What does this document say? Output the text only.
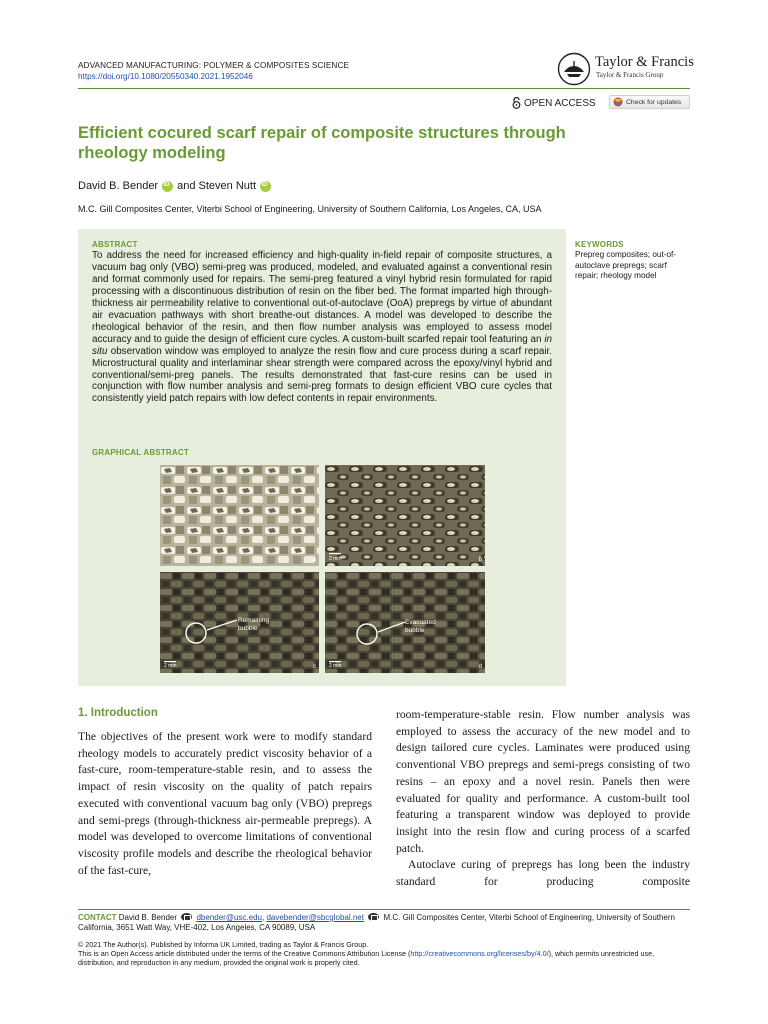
ADVANCED MANUFACTURING: POLYMER & COMPOSITES SCIENCE
https://doi.org/10.1080/20550340.2021.1952046
Taylor & Francis
Taylor & Francis Group
OPEN ACCESS	Check for updates
Efficient cocured scarf repair of composite structures through rheology modeling
David B. Bender
iD and Steven Nutt
iD
M.C. Gill Composites Center, Viterbi School of Engineering, University of Southern California, Los Angeles, CA, USA
ABSTRACT
To address the need for increased efficiency and high-quality in-field repair of composite structures, a vacuum bag only (VBO) semi-preg was produced, modeled, and evaluated against a conventional resin and format commonly used for repairs. The semi-preg featured a vinyl hybrid resin formulated for rapid processing with a discontinuous distribution of resin on the fiber bed. The format imparted high through-thickness air permeability relative to conventional out-of-autoclave (OoA) prepregs by virtue of abundant air evacuation pathways with short breathe-out distances. A model was developed to describe the rheological behavior of the resin, and then flow number analysis was employed to assess model accuracy and to guide the design of efficient cure cycles. A custom-built scarfed repair tool featuring an in situ observation window was employed to analyze the resin flow and cure process during a scarf repair. Microstructural quality and interlaminar shear strength were compared across the epoxy/vinyl hybrid and conventional/semi-preg panels. The results demonstrated that fast-cure resins can be used in conjunction with flow number analysis and semi-preg formats to design efficient VBO cure cycles that consistently yield patch repairs with low defect contents in repair environments.
GRAPHICAL ABSTRACT
a	2 mm	b
Remaining bubble
2 mm	c
Evacuated bubble
2 mm	d
KEYWORDS
Prepreg composites; out-of-autoclave prepregs; scarf repair; rheology model
1. Introduction

The objectives of the present work were to modify standard rheology models to accurately predict viscosity behavior of a fast-cure, room-temperature-stable resin, and to assess the impact of resin viscosity on the quality of patch repairs executed with conventional vacuum bag only (VBO) prepregs and semi-pregs (through-thickness air-permeable prepregs). A model was developed to overcome limitations of conventional viscosity profile models and describe the rheological behavior of the fast-cure,

room-temperature-stable resin. Flow number analysis was employed to assess the accuracy of the new model and to design tailored cure cycles. Laminates were produced using conventional VBO prepregs and semi-pregs consisting of two resins – an epoxy and a novel resin. Panels then were evaluated for quality and performance. A custom-built tool featuring a transparent window was deployed to provide insight into the resin flow and curing process of a scarfed patch.

Autoclave curing of prepregs has long been the industry standard for producing composite

CONTACT David B. Bender dbender@usc.edu, davebender@sbcglobal.net M.C. Gill Composites Center, Viterbi School of Engineering, University of Southern California, 3651 Watt Way, VHE-402, Los Angeles, CA 90089, USA
© 2021 The Author(s). Published by Informa UK Limited, trading as Taylor & Francis Group.
This is an Open Access article distributed under the terms of the Creative Commons Attribution License (http://creativecommons.org/licenses/by/4.0/), which permits unrestricted use, distribution, and reproduction in any medium, provided the original work is properly cited.
